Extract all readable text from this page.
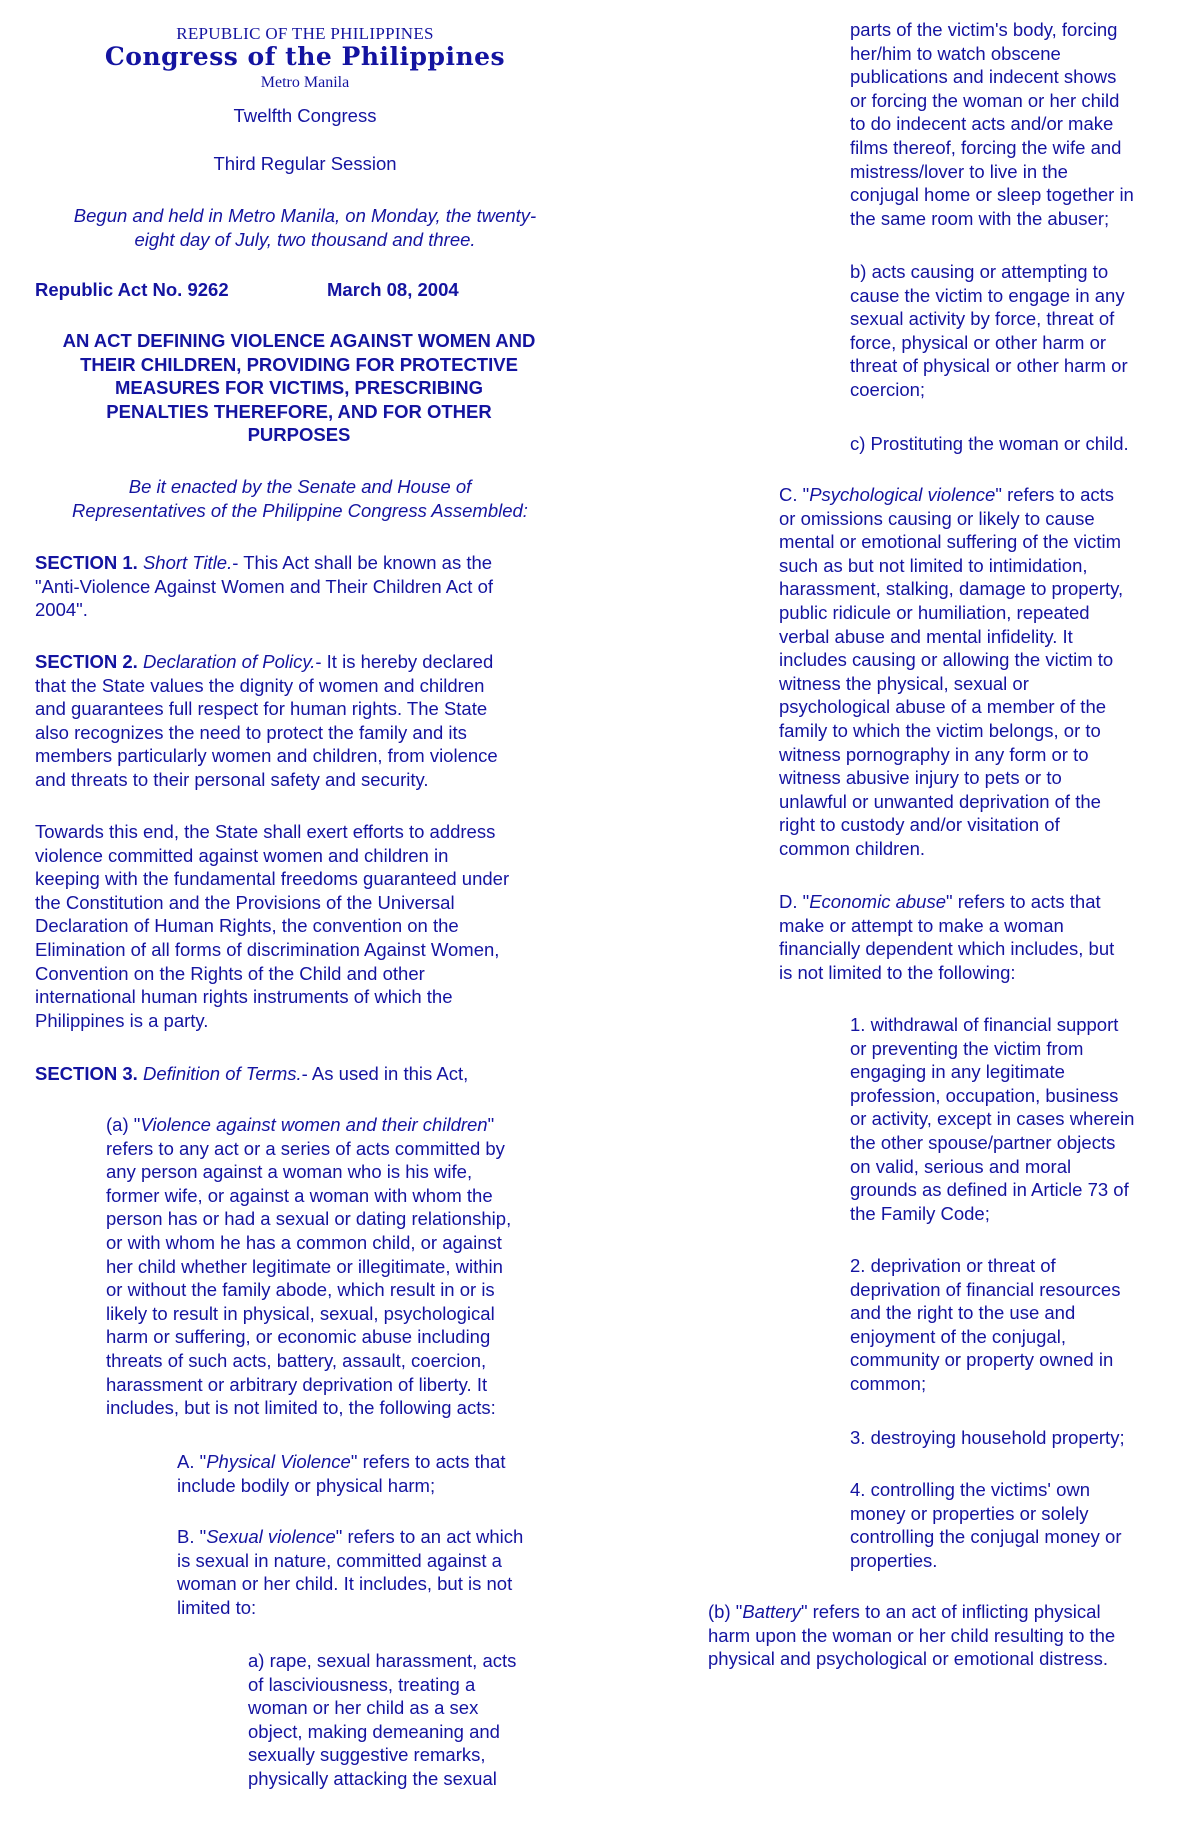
REPUBLIC OF THE PHILIPPINES
Congress of the Philippines
Metro Manila
Twelfth Congress
Third Regular Session

Begun and held in Metro Manila, on Monday, the twenty-

eight day of July, two thousand and three.

Republic Act No. 9262	March 08, 2004

AN ACT DEFINING VIOLENCE AGAINST WOMEN AND

THEIR CHILDREN, PROVIDING FOR PROTECTIVE

MEASURES FOR VICTIMS, PRESCRIBING

PENALTIES THEREFORE, AND FOR OTHER

PURPOSES

Be it enacted by the Senate and House of

Representatives of the Philippine Congress Assembled:

SECTION 1. Short Title.- This Act shall be known as the

"Anti-Violence Against Women and Their Children Act of

2004".

SECTION 2. Declaration of Policy.- It is hereby declared

that the State values the dignity of women and children

and guarantees full respect for human rights. The State

also recognizes the need to protect the family and its

members particularly women and children, from violence

and threats to their personal safety and security.

Towards this end, the State shall exert efforts to address

violence committed against women and children in

keeping with the fundamental freedoms guaranteed under

the Constitution and the Provisions of the Universal

Declaration of Human Rights, the convention on the

Elimination of all forms of discrimination Against Women,

Convention on the Rights of the Child and other

international human rights instruments of which the

Philippines is a party.

SECTION 3. Definition of Terms.- As used in this Act,

(a) "Violence against women and their children"

refers to any act or a series of acts committed by

any person against a woman who is his wife,

former wife, or against a woman with whom the

person has or had a sexual or dating relationship,

or with whom he has a common child, or against

her child whether legitimate or illegitimate, within

or without the family abode, which result in or is

likely to result in physical, sexual, psychological

harm or suffering, or economic abuse including

threats of such acts, battery, assault, coercion,

harassment or arbitrary deprivation of liberty. It

includes, but is not limited to, the following acts:

A. "Physical Violence" refers to acts that

include bodily or physical harm;

B. "Sexual violence" refers to an act which

is sexual in nature, committed against a

woman or her child. It includes, but is not

limited to:

a) rape, sexual harassment, acts

of lasciviousness, treating a

woman or her child as a sex

object, making demeaning and

sexually suggestive remarks,

physically attacking the sexual

parts of the victim's body, forcing

her/him to watch obscene

publications and indecent shows

or forcing the woman or her child

to do indecent acts and/or make

films thereof, forcing the wife and

mistress/lover to live in the

conjugal home or sleep together in

the same room with the abuser;

b) acts causing or attempting to

cause the victim to engage in any

sexual activity by force, threat of

force, physical or other harm or

threat of physical or other harm or

coercion;

c) Prostituting the woman or child.

C. "Psychological violence" refers to acts

or omissions causing or likely to cause

mental or emotional suffering of the victim

such as but not limited to intimidation,

harassment, stalking, damage to property,

public ridicule or humiliation, repeated

verbal abuse and mental infidelity. It

includes causing or allowing the victim to

witness the physical, sexual or

psychological abuse of a member of the

family to which the victim belongs, or to

witness pornography in any form or to

witness abusive injury to pets or to

unlawful or unwanted deprivation of the

right to custody and/or visitation of

common children.

D. "Economic abuse" refers to acts that

make or attempt to make a woman

financially dependent which includes, but

is not limited to the following:

1. withdrawal of financial support

or preventing the victim from

engaging in any legitimate

profession, occupation, business

or activity, except in cases wherein

the other spouse/partner objects

on valid, serious and moral

grounds as defined in Article 73 of

the Family Code;

2. deprivation or threat of

deprivation of financial resources

and the right to the use and

enjoyment of the conjugal,

community or property owned in

common;

3. destroying household property;

4. controlling the victims' own

money or properties or solely

controlling the conjugal money or

properties.

(b) "Battery" refers to an act of inflicting physical

harm upon the woman or her child resulting to the

physical and psychological or emotional distress.
